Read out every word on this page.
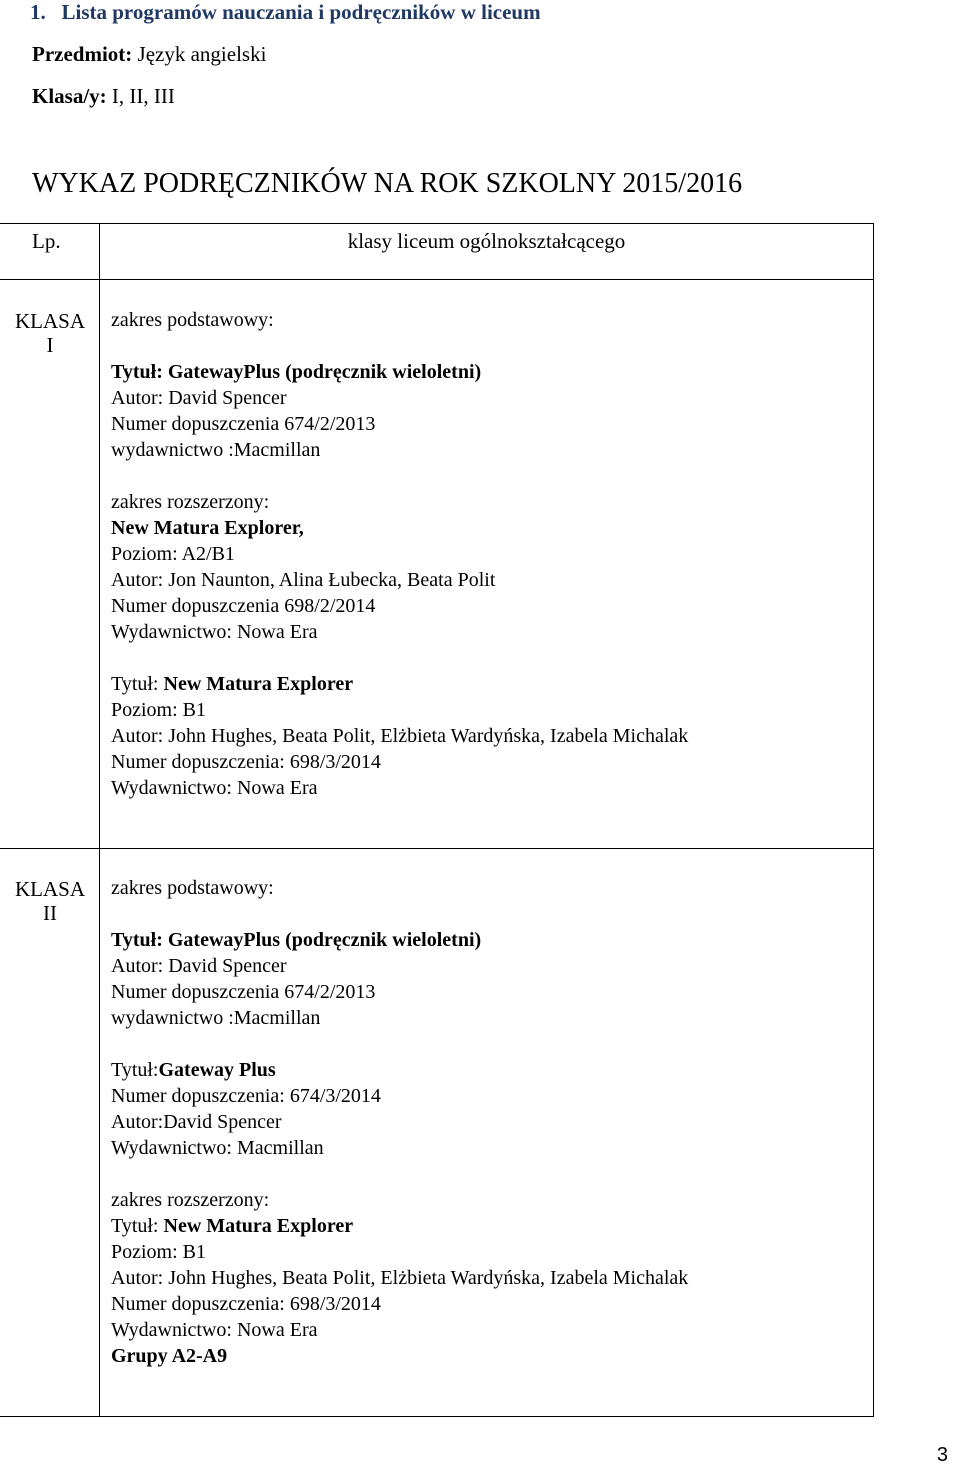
1. Lista programów nauczania i podręczników w liceum
Przedmiot: Język angielski
Klasa/y: I, II, III
WYKAZ PODRĘCZNIKÓW NA ROK SZKOLNY 2015/2016
Lp.	klasy liceum ogólnokształcącego
KLASA
I
zakres podstawowy:
Tytuł: GatewayPlus (podręcznik wieloletni)
Autor: David Spencer
Numer dopuszczenia 674/2/2013
wydawnictwo :Macmillan
zakres rozszerzony:
New Matura Explorer,
Poziom: A2/B1
Autor: Jon Naunton, Alina Łubecka, Beata Polit
Numer dopuszczenia 698/2/2014
Wydawnictwo: Nowa Era
Tytuł: New Matura Explorer
Poziom: B1
Autor: John Hughes, Beata Polit, Elżbieta Wardyńska, Izabela Michalak
Numer dopuszczenia: 698/3/2014
Wydawnictwo: Nowa Era
KLASA
II
zakres podstawowy:
Tytuł: GatewayPlus (podręcznik wieloletni)
Autor: David Spencer
Numer dopuszczenia 674/2/2013
wydawnictwo :Macmillan
Tytuł:Gateway Plus
Numer dopuszczenia: 674/3/2014
Autor:David Spencer
Wydawnictwo: Macmillan
zakres rozszerzony:
Tytuł: New Matura Explorer
Poziom: B1
Autor: John Hughes, Beata Polit, Elżbieta Wardyńska, Izabela Michalak
Numer dopuszczenia: 698/3/2014
Wydawnictwo: Nowa Era
Grupy A2-A9
3
